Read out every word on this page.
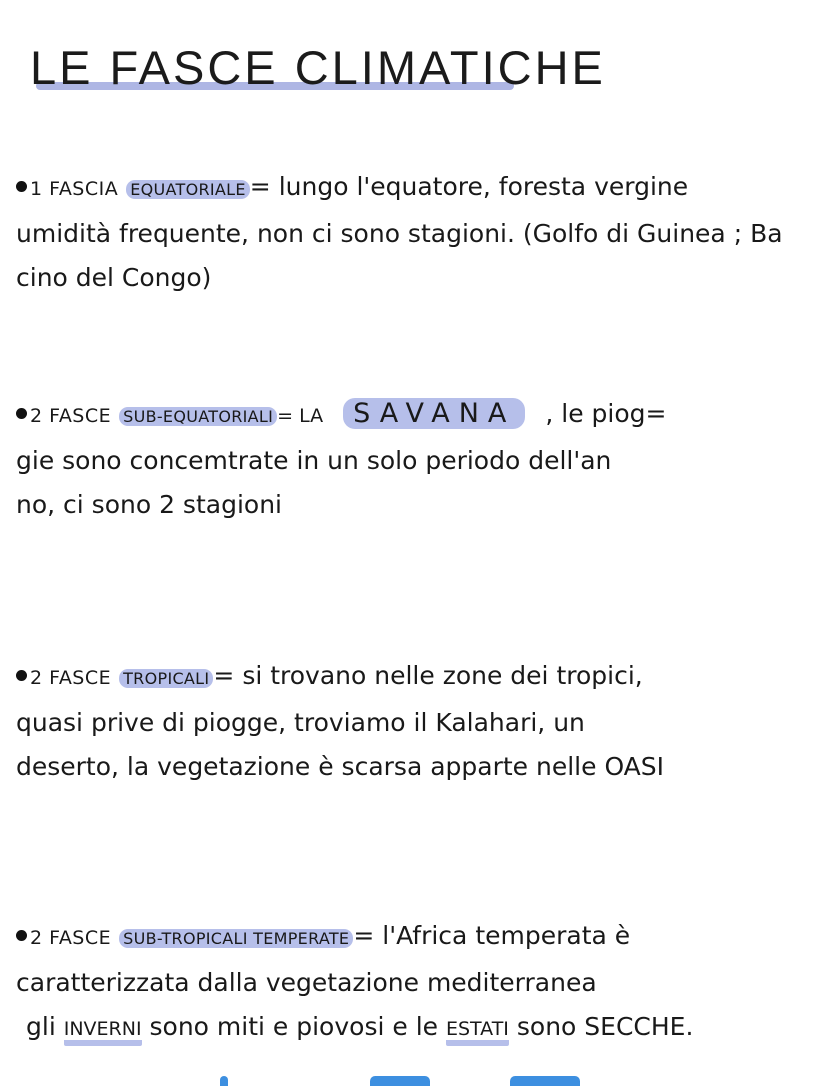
LE FASCE CLIMATICHE
1 FASCIA EQUATORIALE = lungo l'equatore, foresta vergine
umidità frequente, non ci sono stagioni. (Golfo di Guinea ; Ba
cino del Congo)
2 FASCE SUB-EQUATORIALI = LA SAVANA , le piog=
gie sono concemtrate in un solo periodo dell'an
no, ci sono 2 stagioni
2 FASCE TROPICALI = si trovano nelle zone dei tropici,
quasi prive di piogge, troviamo il Kalahari, un
deserto, la vegetazione è scarsa apparte nelle OASI
2 FASCE SUB-TROPICALI TEMPERATE = l'Africa temperata è
caratterizzata dalla vegetazione mediterranea
gli INVERNI sono miti e piovosi e le ESTATI sono SECCHE.
